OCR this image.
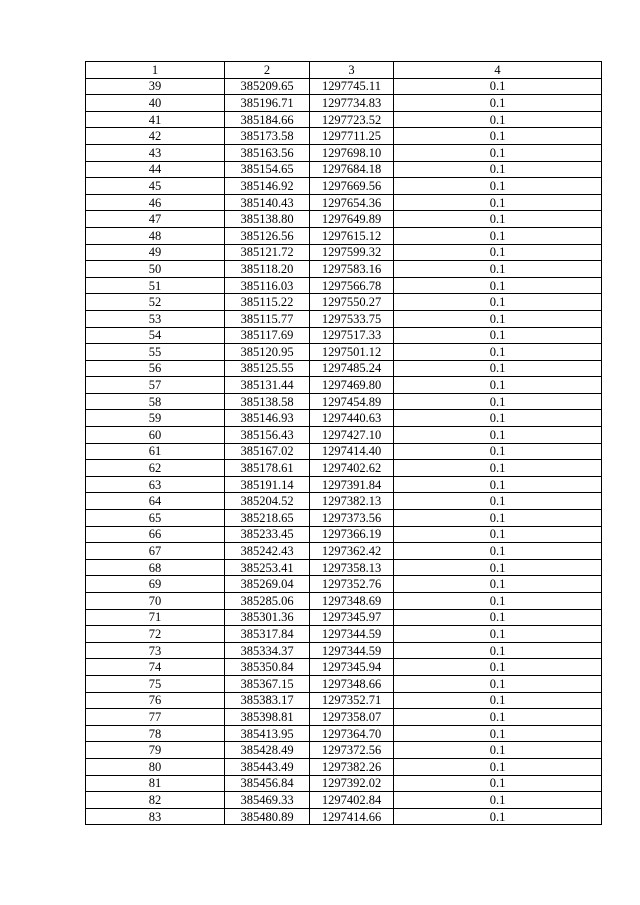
1	2	3	4
39	385209.65	1297745.11	0.1
40	385196.71	1297734.83	0.1
41	385184.66	1297723.52	0.1
42	385173.58	1297711.25	0.1
43	385163.56	1297698.10	0.1
44	385154.65	1297684.18	0.1
45	385146.92	1297669.56	0.1
46	385140.43	1297654.36	0.1
47	385138.80	1297649.89	0.1
48	385126.56	1297615.12	0.1
49	385121.72	1297599.32	0.1
50	385118.20	1297583.16	0.1
51	385116.03	1297566.78	0.1
52	385115.22	1297550.27	0.1
53	385115.77	1297533.75	0.1
54	385117.69	1297517.33	0.1
55	385120.95	1297501.12	0.1
56	385125.55	1297485.24	0.1
57	385131.44	1297469.80	0.1
58	385138.58	1297454.89	0.1
59	385146.93	1297440.63	0.1
60	385156.43	1297427.10	0.1
61	385167.02	1297414.40	0.1
62	385178.61	1297402.62	0.1
63	385191.14	1297391.84	0.1
64	385204.52	1297382.13	0.1
65	385218.65	1297373.56	0.1
66	385233.45	1297366.19	0.1
67	385242.43	1297362.42	0.1
68	385253.41	1297358.13	0.1
69	385269.04	1297352.76	0.1
70	385285.06	1297348.69	0.1
71	385301.36	1297345.97	0.1
72	385317.84	1297344.59	0.1
73	385334.37	1297344.59	0.1
74	385350.84	1297345.94	0.1
75	385367.15	1297348.66	0.1
76	385383.17	1297352.71	0.1
77	385398.81	1297358.07	0.1
78	385413.95	1297364.70	0.1
79	385428.49	1297372.56	0.1
80	385443.49	1297382.26	0.1
81	385456.84	1297392.02	0.1
82	385469.33	1297402.84	0.1
83	385480.89	1297414.66	0.1
